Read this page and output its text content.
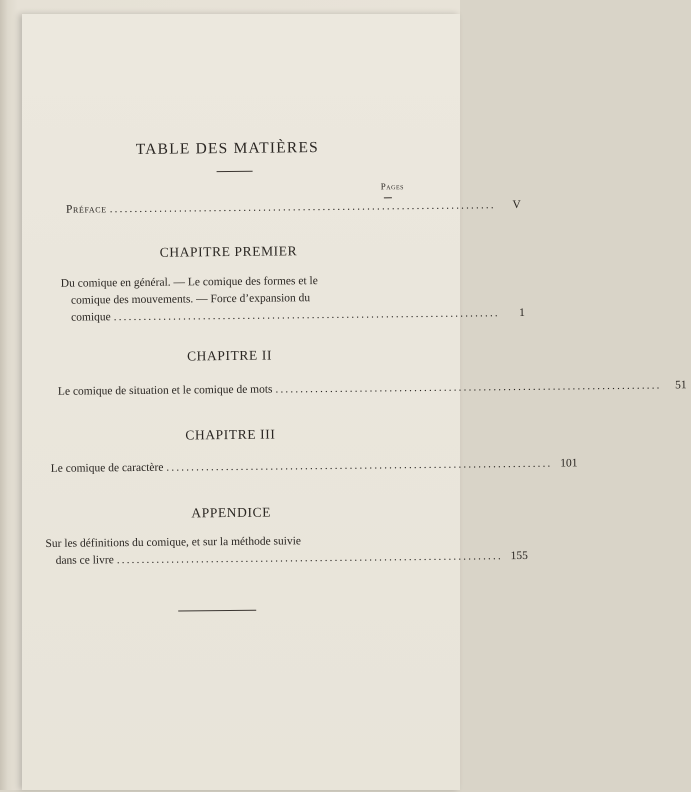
TABLE DES MATIÈRES
Pages
Préface ..............................................................................	V
CHAPITRE PREMIER
Du comique en général. — Le comique des formes et le
comique des mouvements. — Force d’expansion du
comique ..............................................................................	1
CHAPITRE II
Le comique de situation et le comique de mots ..............................................................................	51
CHAPITRE III
Le comique de caractère .............................................................................. 101
APPENDICE
Sur les définitions du comique, et sur la méthode suivie
dans ce livre .............................................................................. 155
